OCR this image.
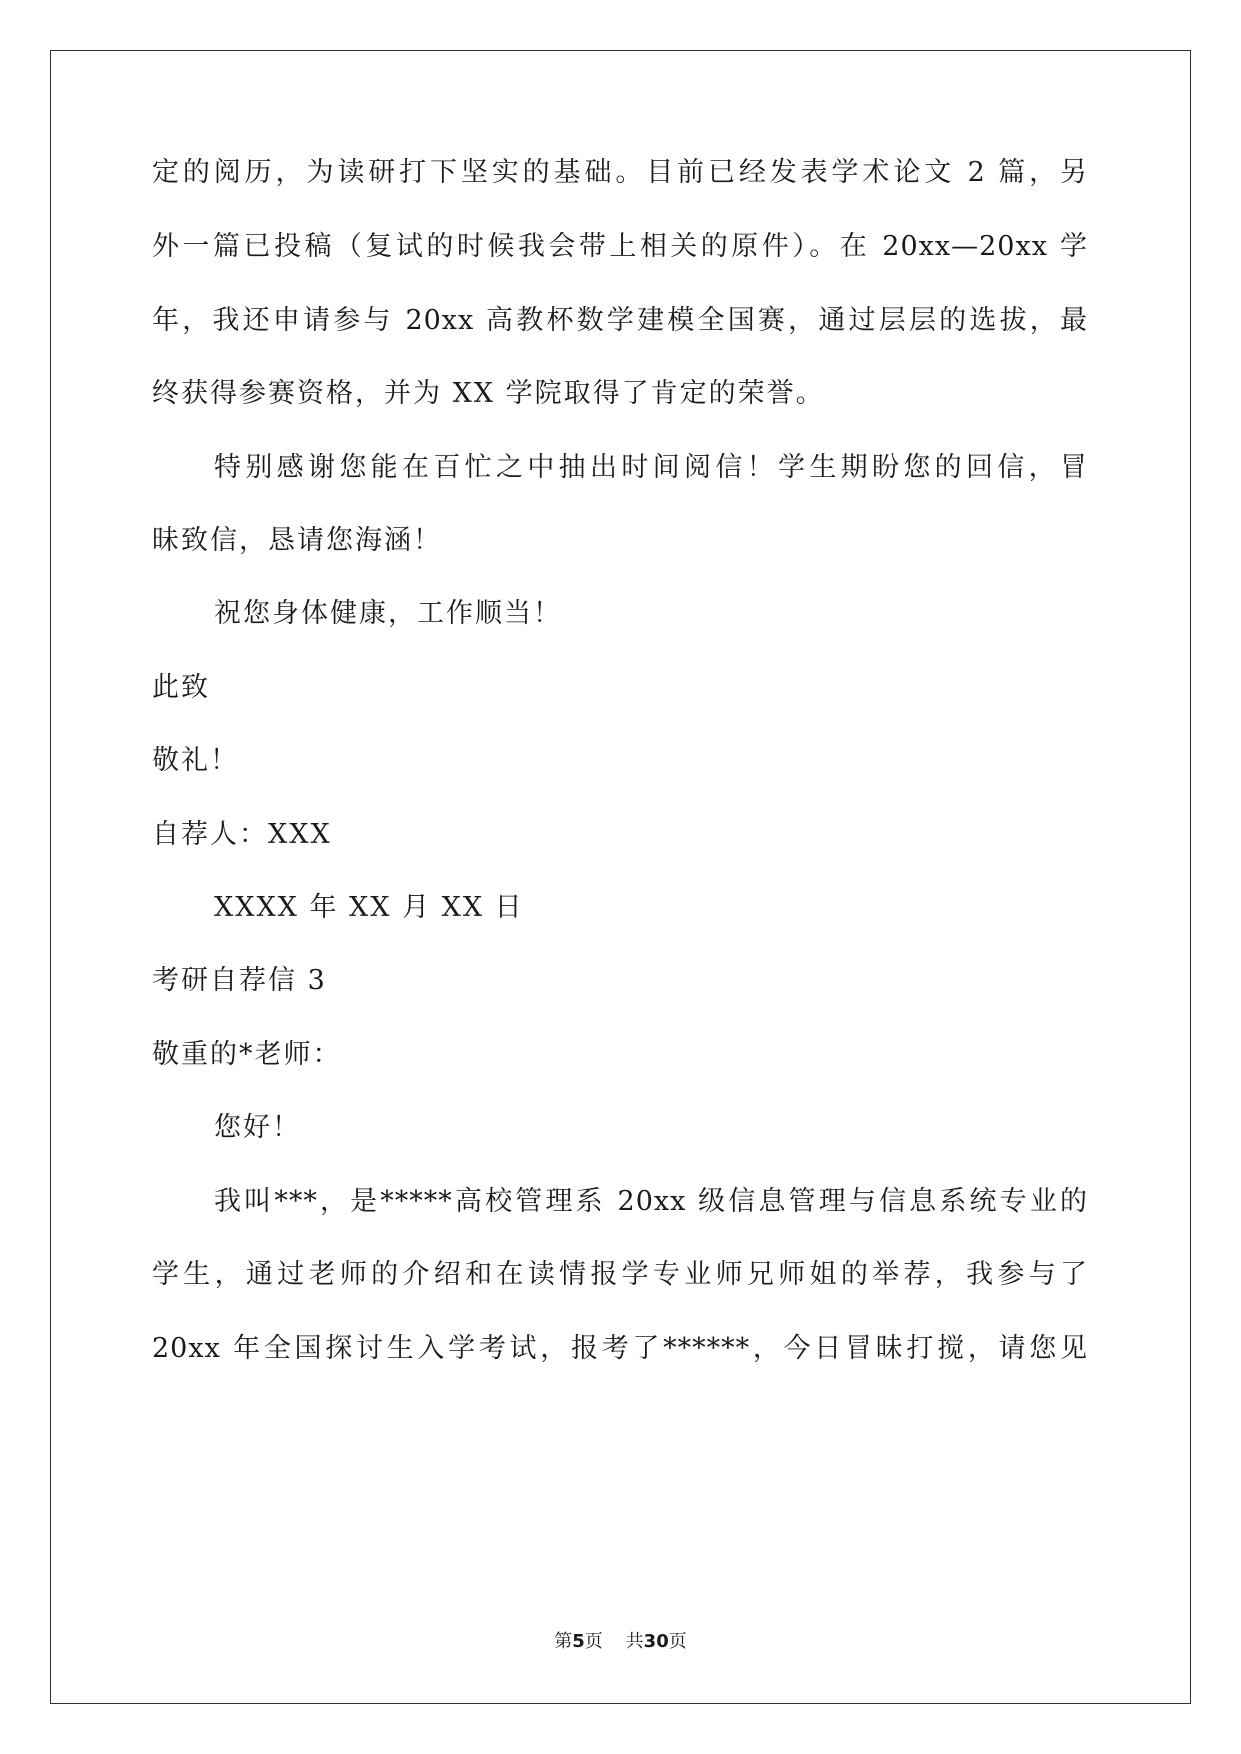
定的阅历，为读研打下坚实的基础。目前已经发表学术论文 2 篇，另
外一篇已投稿（复试的时候我会带上相关的原件）。在 20xx—20xx 学
年，我还申请参与 20xx 高教杯数学建模全国赛，通过层层的选拔，最
终获得参赛资格，并为 XX 学院取得了肯定的荣誉。
特别感谢您能在百忙之中抽出时间阅信！学生期盼您的回信，冒
昧致信，恳请您海涵！
祝您身体健康，工作顺当！
此致
敬礼！
自荐人：XXX
XXXX 年 XX 月 XX 日
考研自荐信 3
敬重的*老师：
您好！
我叫***，是*****高校管理系 20xx 级信息管理与信息系统专业的
学生，通过老师的介绍和在读情报学专业师兄师姐的举荐，我参与了
20xx 年全国探讨生入学考试，报考了******，今日冒昧打搅，请您见
第5页 共30页
